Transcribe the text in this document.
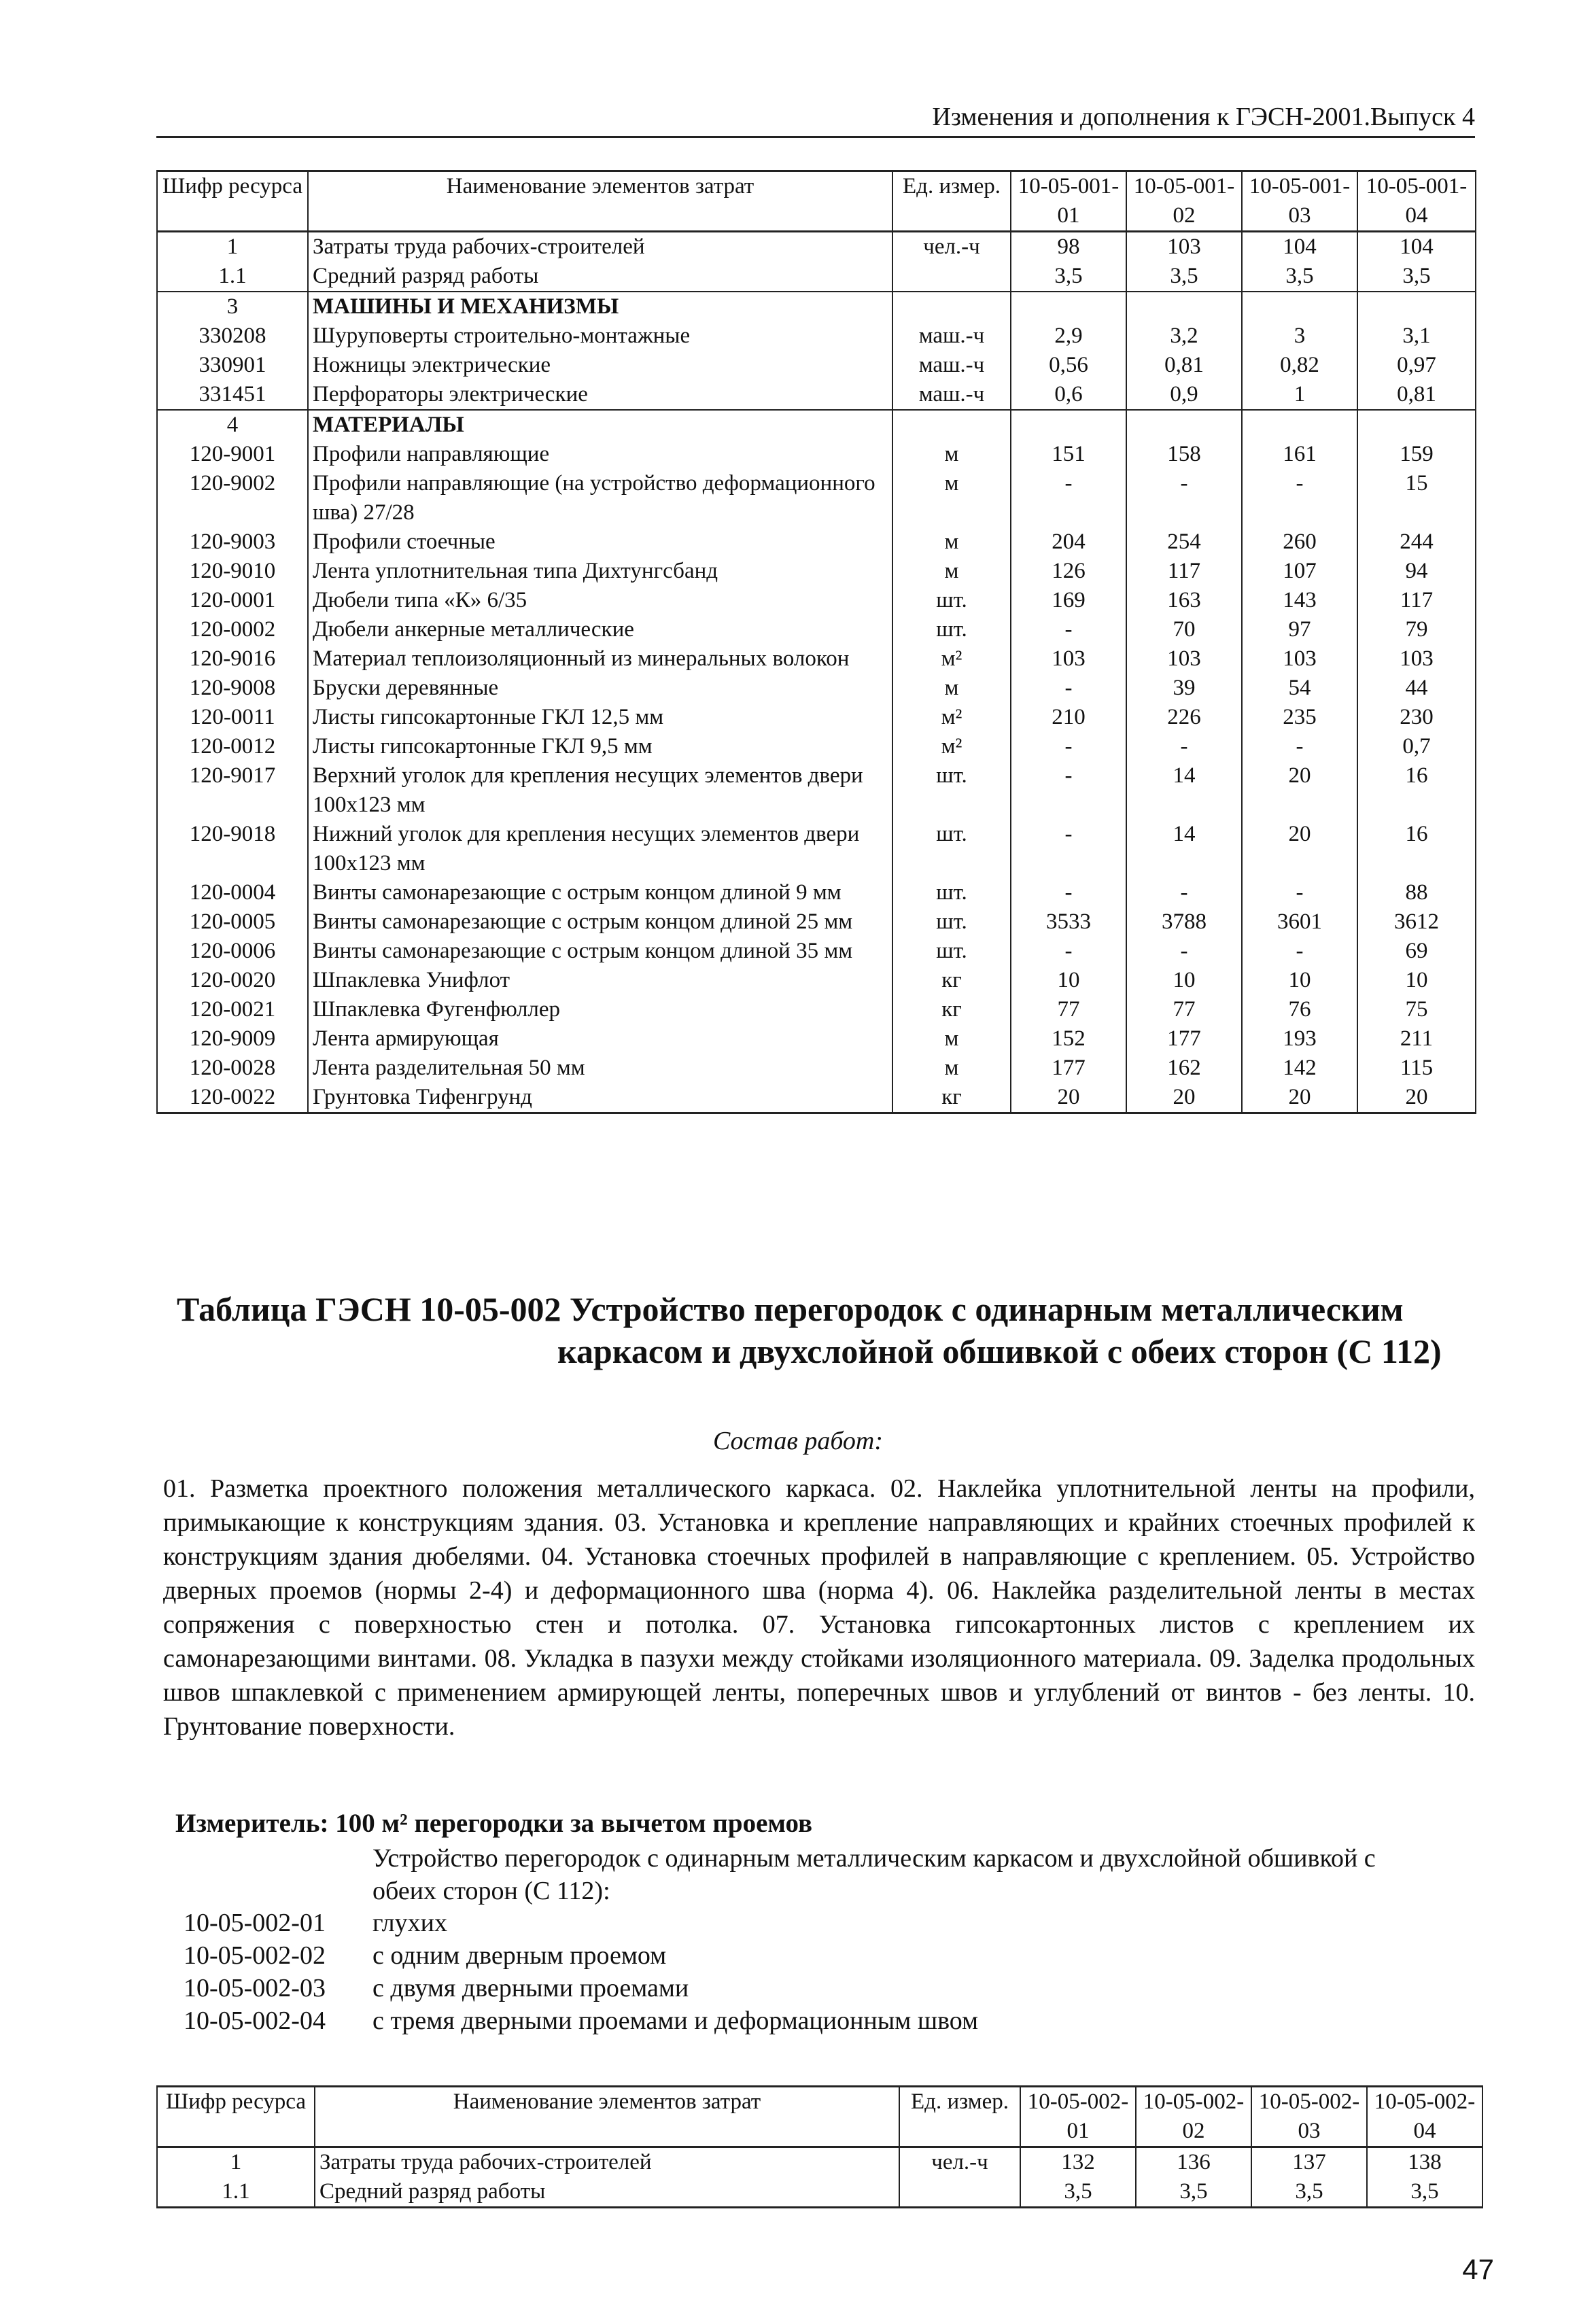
Изменения и дополнения к ГЭСН-2001.Выпуск 4
Шифр ресурса	Наименование элементов затрат	Ед. измер.	10-05-001-01	10-05-001-02	10-05-001-03	10-05-001-04
1	Затраты труда рабочих-строителей	чел.-ч	98	103	104	104
1.1	Средний разряд работы		3,5	3,5	3,5	3,5
3	МАШИНЫ И МЕХАНИЗМЫ					
330208	Шуруповерты строительно-монтажные	маш.-ч	2,9	3,2	3	3,1
330901	Ножницы электрические	маш.-ч	0,56	0,81	0,82	0,97
331451	Перфораторы электрические	маш.-ч	0,6	0,9	1	0,81
4	МАТЕРИАЛЫ					
120-9001	Профили направляющие	м	151	158	161	159
120-9002	Профили направляющие (на устройство деформационного шва) 27/28	м	-	-	-	15
120-9003	Профили стоечные	м	204	254	260	244
120-9010	Лента уплотнительная типа Дихтунгсбанд	м	126	117	107	94
120-0001	Дюбели типа «К» 6/35	шт.	169	163	143	117
120-0002	Дюбели анкерные металлические	шт.	-	70	97	79
120-9016	Материал теплоизоляционный из минеральных волокон	м²	103	103	103	103
120-9008	Бруски деревянные	м	-	39	54	44
120-0011	Листы гипсокартонные ГКЛ 12,5 мм	м²	210	226	235	230
120-0012	Листы гипсокартонные ГКЛ 9,5 мм	м²	-	-	-	0,7
120-9017	Верхний уголок для крепления несущих элементов двери 100x123 мм	шт.	-	14	20	16
120-9018	Нижний уголок для крепления несущих элементов двери 100x123 мм	шт.	-	14	20	16
120-0004	Винты самонарезающие с острым концом длиной 9 мм	шт.	-	-	-	88
120-0005	Винты самонарезающие с острым концом длиной 25 мм	шт.	3533	3788	3601	3612
120-0006	Винты самонарезающие с острым концом длиной 35 мм	шт.	-	-	-	69
120-0020	Шпаклевка Унифлот	кг	10	10	10	10
120-0021	Шпаклевка Фугенфюллер	кг	77	77	76	75
120-9009	Лента армирующая	м	152	177	193	211
120-0028	Лента разделительная 50 мм	м	177	162	142	115
120-0022	Грунтовка Тифенгрунд	кг	20	20	20	20
Таблица ГЭСН 10-05-002 Устройство перегородок с одинарным металлическим
каркасом и двухслойной обшивкой с обеих сторон (С 112)
Состав работ:
01. Разметка проектного положения металлического каркаса. 02. Наклейка уплотнительной ленты на профили, примыкающие к конструкциям здания. 03. Установка и крепление направляющих и крайних стоечных профилей к конструкциям здания дюбелями. 04. Установка стоечных профилей в направляющие с креплением. 05. Устройство дверных проемов (нормы 2-4) и деформационного шва (норма 4). 06. Наклейка разделительной ленты в местах сопряжения с поверхностью стен и потолка. 07. Установка гипсокартонных листов с креплением их самонарезающими винтами. 08. Укладка в пазухи между стойками изоляционного материала. 09. Заделка продольных швов шпаклевкой с применением армирующей ленты, поперечных швов и углублений от винтов - без ленты. 10. Грунтование поверхности.
Измеритель: 100 м² перегородки за вычетом проемов
Устройство перегородок с одинарным металлическим каркасом и двухслойной обшивкой с обеих сторон (С 112):
10-05-002-01 глухих
10-05-002-02 с одним дверным проемом
10-05-002-03 с двумя дверными проемами
10-05-002-04 с тремя дверными проемами и деформационным швом
Шифр ресурса	Наименование элементов затрат	Ед. измер.	10-05-002-01	10-05-002-02	10-05-002-03	10-05-002-04
1	Затраты труда рабочих-строителей	чел.-ч	132	136	137	138
1.1	Средний разряд работы		3,5	3,5	3,5	3,5
47
